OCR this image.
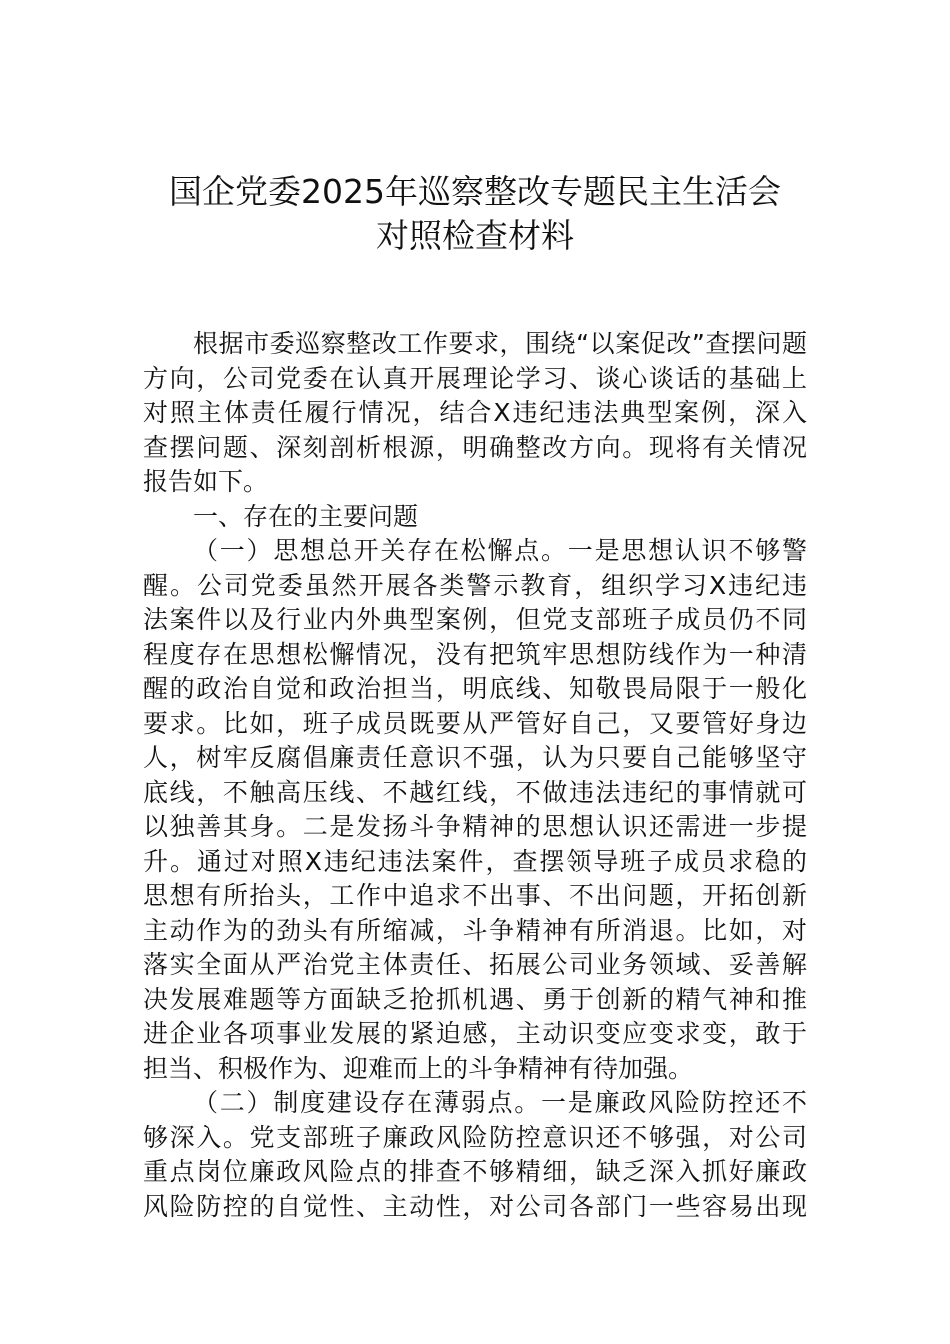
国企党委2025年巡察整改专题民主生活会
对照检查材料
根据市委巡察整改工作要求，围绕“以案促改”查摆问题
方向，公司党委在认真开展理论学习、谈心谈话的基础上
对照主体责任履行情况，结合X违纪违法典型案例，深入
查摆问题、深刻剖析根源，明确整改方向。现将有关情况
报告如下。
一、存在的主要问题
（一）思想总开关存在松懈点。一是思想认识不够警
醒。公司党委虽然开展各类警示教育，组织学习X违纪违
法案件以及行业内外典型案例，但党支部班子成员仍不同
程度存在思想松懈情况，没有把筑牢思想防线作为一种清
醒的政治自觉和政治担当，明底线、知敬畏局限于一般化
要求。比如，班子成员既要从严管好自己，又要管好身边
人，树牢反腐倡廉责任意识不强，认为只要自己能够坚守
底线，不触高压线、不越红线，不做违法违纪的事情就可
以独善其身。二是发扬斗争精神的思想认识还需进一步提
升。通过对照X违纪违法案件，查摆领导班子成员求稳的
思想有所抬头，工作中追求不出事、不出问题，开拓创新
主动作为的劲头有所缩减，斗争精神有所消退。比如，对
落实全面从严治党主体责任、拓展公司业务领域、妥善解
决发展难题等方面缺乏抢抓机遇、勇于创新的精气神和推
进企业各项事业发展的紧迫感，主动识变应变求变，敢于
担当、积极作为、迎难而上的斗争精神有待加强。
（二）制度建设存在薄弱点。一是廉政风险防控还不
够深入。党支部班子廉政风险防控意识还不够强，对公司
重点岗位廉政风险点的排查不够精细，缺乏深入抓好廉政
风险防控的自觉性、主动性，对公司各部门一些容易出现
